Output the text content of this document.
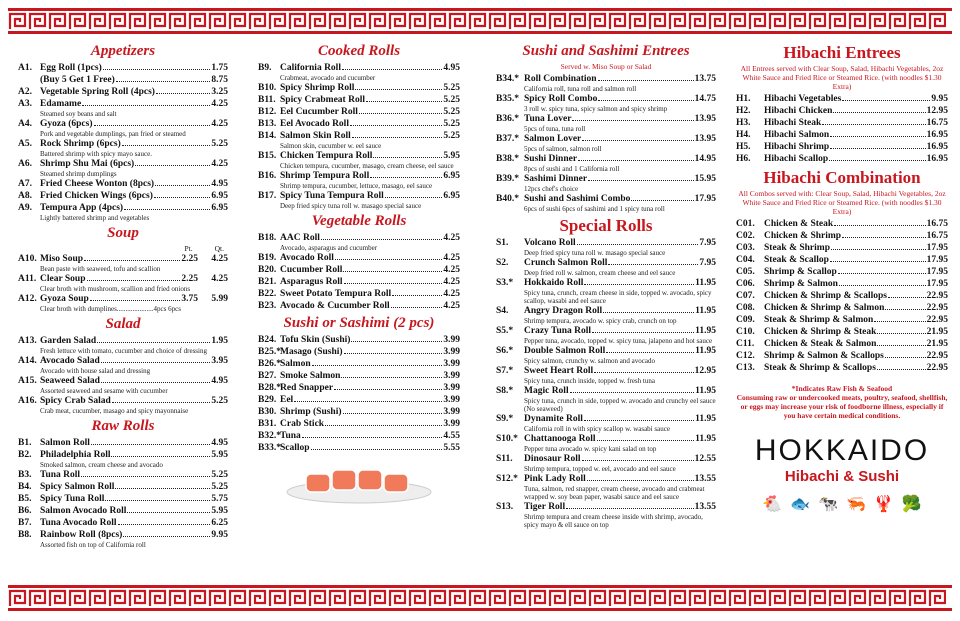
Appetizers
A1. Egg Roll (1pcs)	1.75
(Buy 5 Get 1 Free)	8.75
A2. Vegetable Spring Roll (4pcs)	3.25
A3. Edamame	4.25
Steamed soy beans and salt
A4. Gyoza (6pcs)	4.25
Pork and vegetable dumplings, pan fried or steamed
A5. Rock Shrimp (6pcs)	5.25
Battered shrimp with spicy mayo sauce.
A6. Shrimp Shu Mai (6pcs)	4.25
Steamed shrimp dumplings
A7. Fried Cheese Wonton (8pcs)	4.95
A8. Fried Chicken Wings (6pcs)	6.95
A9. Tempura App (4pcs)	6.95
Lightly battered shrimp and vegetables
Soup
Pt.	Qt.
A10. Miso Soup	2.25	4.25
Bean paste with seaweed, tofu and scallion
A11. Clear Soup	2.25	4.25
Clear broth with mushroom, scallion and fried onions
A12. Gyoza Soup	3.75	5.99
Clear broth with dumplines.....................4pcs 6pcs
Salad
A13. Garden Salad	1.95
Fresh lettuce with tomato, cucumber and choice of dressing
A14. Avocado Salad	3.95
Avocado with house salad and dressing
A15. Seaweed Salad	4.95
Assorted seaweed and sesame with cucumber
A16. Spicy Crab Salad	5.25
Crab meat, cucumber, masago and spicy mayonnaise
Raw Rolls
B1. Salmon Roll	4.95
B2. Philadelphia Roll	5.95
Smoked salmon, cream cheese and avocado
B3. Tuna Roll	5.25
B4. Spicy Salmon Roll	5.25
B5. Spicy Tuna Roll	5.75
B6. Salmon Avocado Roll	5.95
B7. Tuna Avocado Roll	6.25
B8. Rainbow Roll (8pcs)	9.95
Assorted fish on top of California roll
Cooked Rolls
B9. California Roll	4.95
Crabmeat, avocado and cucumber
B10. Spicy Shrimp Roll	5.25
B11. Spicy Crabmeat Roll	5.25
B12. Eel Cucumber Roll	5.25
B13. Eel Avocado Roll	5.25
B14. Salmon Skin Roll	5.25
Salmon skin, cucumber w. eel sauce
B15. Chicken Tempura Roll	5.95
Chicken tempura, cucumber, masago, cream cheese, eel sauce
B16. Shrimp Tempura Roll	6.95
Shrimp tempura, cucumber, lettuce, masago, eel sauce
B17. Spicy Tuna Tempura Roll	6.95
Deep fried spicy tuna roll w. masago special sauce
Vegetable Rolls
B18. AAC Roll	4.25
Avocado, asparagus and cucumber
B19. Avocado Roll	4.25
B20. Cucumber Roll	4.25
B21. Asparagus Roll	4.25
B22. Sweet Potato Tempura Roll	4.25
B23. Avocado & Cucumber Roll	4.25
Sushi or Sashimi (2 pcs)
B24. Tofu Skin (Sushi)	3.99
B25.* Masago (Sushi)	3.99
B26.* Salmon	3.99
B27. Smoke Salmon	3.99
B28.* Red Snapper	3.99
B29. Eel	3.99
B30. Shrimp (Sushi)	3.99
B31. Crab Stick	3.99
B32.* Tuna	4.55
B33.* Scallop	5.55
Sushi and Sashimi Entrees
Served w. Miso Soup or Salad
B34.* Roll Combination	13.75
California roll, tuna roll and salmon roll
B35.* Spicy Roll Combo	14.75
3 roll w. spicy tuna, spicy salmon and spicy shrimp
B36.* Tuna Lover	13.95
5pcs of tuna, tuna roll
B37.* Salmon Lover	13.95
5pcs of salmon, salmon roll
B38.* Sushi Dinner	14.95
8pcs of sushi and 1 California roll
B39.* Sashimi Dinner	15.95
12pcs chef's choice
B40.* Sushi and Sashimi Combo	17.95
6pcs of sushi 6pcs of sashimi and 1 spicy tuna roll
Special Rolls
S1.	Volcano Roll	7.95
Deep fried spicy tuna roll w. masago special sauce
S2.	Crunch Salmon Roll	7.95
Deep fried roll w. salmon, cream cheese and eel sauce
S3.*	Hokkaido Roll	11.95
Spicy tuna, crunch, cream cheese in side, topped w. avocado, spicy scallop, wasabi and eel sauce
S4.	Angry Dragon Roll	11.95
Shrimp tempura, avocado w. spicy crab, crunch on top
S5.*	Crazy Tuna Roll	11.95
Pepper tuna, avocado, topped w. spicy tuna, jalapeno and hot sauce
S6.*	Double Salmon Roll	11.95
Spicy salmon, crunchy w. salmon and avocado
S7.*	Sweet Heart Roll	12.95
Spicy tuna, crunch inside, topped w. fresh tuna
S8.*	Magic Roll	11.95
Spicy tuna, crunch in side, topped w. avocado and crunchy eel sauce (No seaweed)
S9.*	Dynamite Roll	11.95
California roll in with spicy scallop w. wasabi sauce
S10.* Chattanooga Roll	11.95
Pepper tuna avocado w. spicy kani salad on top
S11.	Dinosaur Roll	12.55
Shrimp tempura, topped w. eel, avocado and eel sauce
S12.* Pink Lady Roll	13.55
Tuna, salmon, red snapper, cream cheese, avocado and crabmeat wrapped w. soy bean paper, wasabi sauce and eel sauce
S13.	Tiger Roll	13.55
Shrimp tempura and cream cheese inside with shrimp, avocado, spicy mayo & ell sauce on top
Hibachi Entrees
All Entrees served with Clear Soup, Salad, Hibachi Vegetables, 2oz White Sauce and Fried Rice or Steamed Rice. (with noodles $1.30 Extra)
H1.	Hibachi Vegetables	9.95
H2.	Hibachi Chicken	12.95
H3.	Hibachi Steak	16.75
H4.	Hibachi Salmon	16.95
H5.	Hibachi Shrimp	16.95
H6.	Hibachi Scallop	16.95
Hibachi Combination
All Combos served with: Clear Soup, Salad, Hibachi Vegetables, 2oz White Sauce and Fried Rice or Steamed Rice. (with noodles $1.30 Extra)
C01. Chicken & Steak	16.75
C02. Chicken & Shrimp	16.75
C03. Steak & Shrimp	17.95
C04. Steak & Scallop	17.95
C05. Shrimp & Scallop	17.95
C06. Shrimp & Salmon	17.95
C07. Chicken & Shrimp & Scallops	22.95
C08. Chicken & Shrimp & Salmon	22.95
C09. Steak & Shrimp & Salmon	22.95
C10. Chicken & Shrimp & Steak	21.95
C11.	Chicken & Steak & Salmon	21.95
C12. Shrimp & Salmon & Scallops	22.95
C13. Steak & Shrimp & Scallops	22.95
*Indicates Raw Fish & Seafood
Consuming raw or undercooked meats, poultry, seafood, shellfish, or eggs may increase your risk of foodborne illness, especially if you have certain medical conditions.
HOKKAIDO
Hibachi & Sushi
🐔 🐟 🐄 🦐 🦞 🥦
